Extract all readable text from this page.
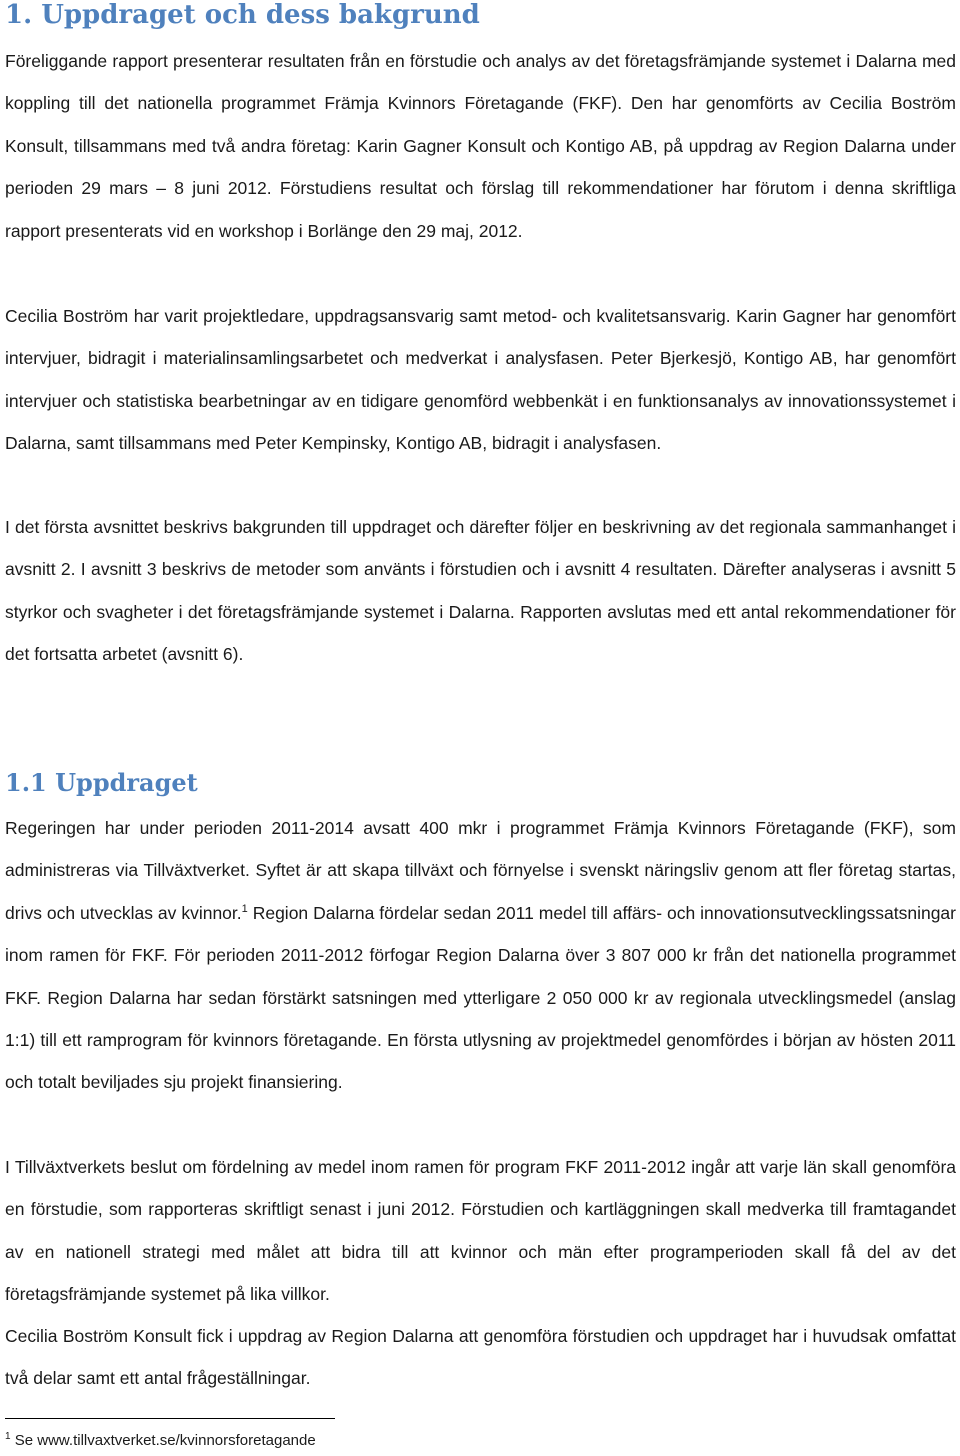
1. Uppdraget och dess bakgrund

Föreliggande rapport presenterar resultaten från en förstudie och analys av det företagsfrämjande systemet i Dalarna med koppling till det nationella programmet Främja Kvinnors Företagande (FKF). Den har genomförts av Cecilia Boström Konsult, tillsammans med två andra företag: Karin Gagner Konsult och Kontigo AB, på uppdrag av Region Dalarna under perioden 29 mars – 8 juni 2012. Förstudiens resultat och förslag till rekommendationer har förutom i denna skriftliga rapport presenterats vid en workshop i Borlänge den 29 maj, 2012.

Cecilia Boström har varit projektledare, uppdragsansvarig samt metod- och kvalitetsansvarig. Karin Gagner har genomfört intervjuer, bidragit i materialinsamlingsarbetet och medverkat i analysfasen. Peter Bjerkesjö, Kontigo AB, har genomfört intervjuer och statistiska bearbetningar av en tidigare genomförd webbenkät i en funktionsanalys av innovationssystemet i Dalarna, samt tillsammans med Peter Kempinsky, Kontigo AB, bidragit i analysfasen.

I det första avsnittet beskrivs bakgrunden till uppdraget och därefter följer en beskrivning av det regionala sammanhanget i avsnitt 2. I avsnitt 3 beskrivs de metoder som använts i förstudien och i avsnitt 4 resultaten. Därefter analyseras i avsnitt 5 styrkor och svagheter i det företagsfrämjande systemet i Dalarna. Rapporten avslutas med ett antal rekommendationer för det fortsatta arbetet (avsnitt 6).

1.1 Uppdraget

Regeringen har under perioden 2011-2014 avsatt 400 mkr i programmet Främja Kvinnors Företagande (FKF), som administreras via Tillväxtverket. Syftet är att skapa tillväxt och förnyelse i svenskt näringsliv genom att fler företag startas, drivs och utvecklas av kvinnor.$^1$ Region Dalarna fördelar sedan 2011 medel till affärs- och innovationsutvecklingssatsningar inom ramen för FKF. För perioden 2011-2012 förfogar Region Dalarna över 3 807 000 kr från det nationella programmet FKF. Region Dalarna har sedan förstärkt satsningen med ytterligare 2 050 000 kr av regionala utvecklingsmedel (anslag 1:1) till ett ramprogram för kvinnors företagande. En första utlysning av projektmedel genomfördes i början av hösten 2011 och totalt beviljades sju projekt finansiering.

I Tillväxtverkets beslut om fördelning av medel inom ramen för program FKF 2011-2012 ingår att varje län skall genomföra en förstudie, som rapporteras skriftligt senast i juni 2012. Förstudien och kartläggningen skall medverka till framtagandet av en nationell strategi med målet att bidra till att kvinnor och män efter programperioden skall få del av det företagsfrämjande systemet på lika villkor.

Cecilia Boström Konsult fick i uppdrag av Region Dalarna att genomföra förstudien och uppdraget har i huvudsak omfattat två delar samt ett antal frågeställningar.

$^1$ Se www.tillvaxtverket.se/kvinnorsforetagande
